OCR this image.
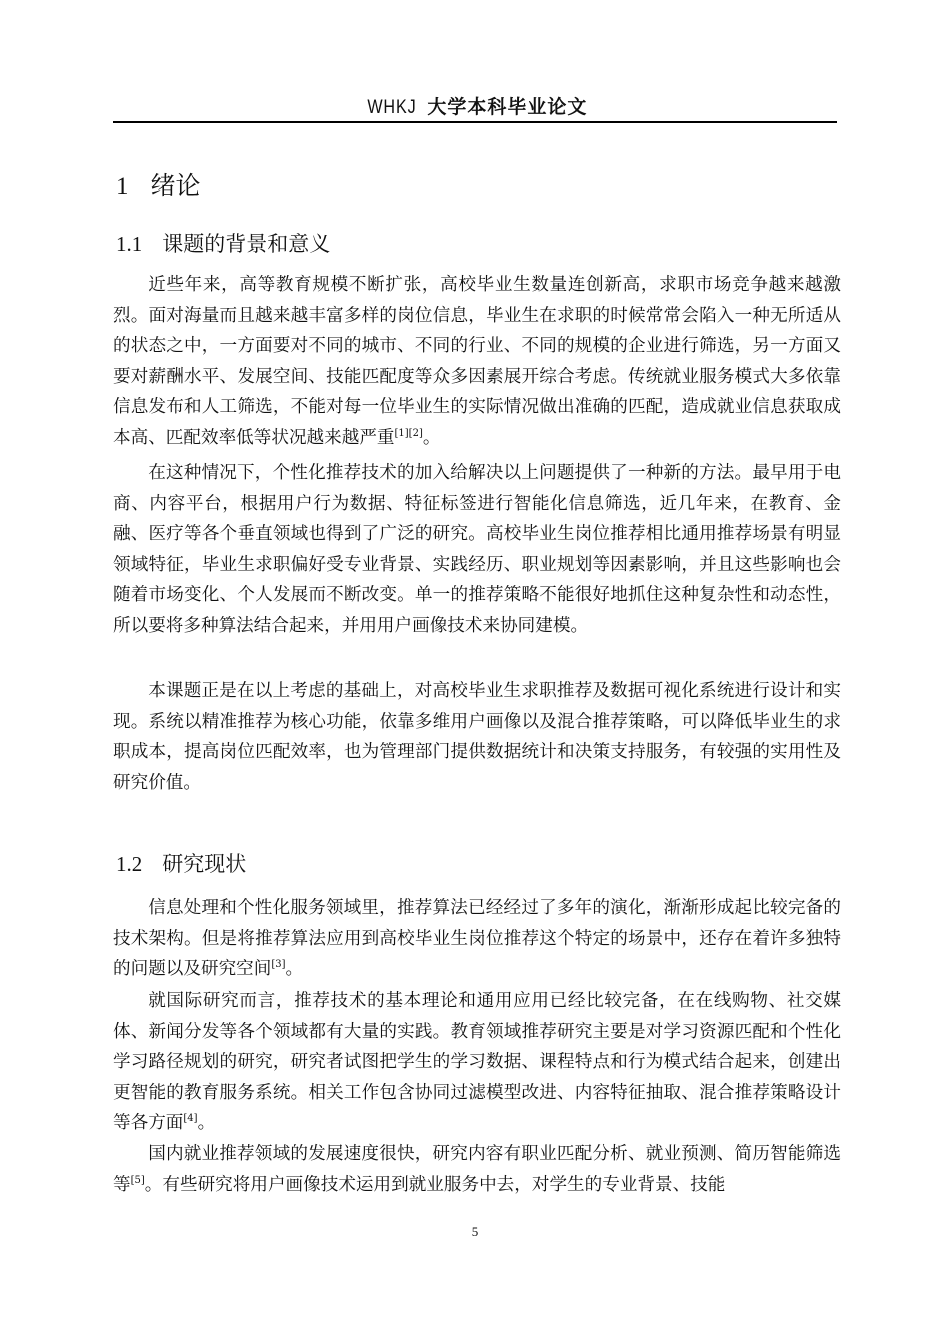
WHKJ 大学本科毕业论文
1 绪论
1.1 课题的背景和意义

近些年来，高等教育规模不断扩张，高校毕业生数量连创新高，求职市场竞争越来越激烈。面对海量而且越来越丰富多样的岗位信息，毕业生在求职的时候常常会陷入一种无所适从的状态之中，一方面要对不同的城市、不同的行业、不同的规模的企业进行筛选，另一方面又要对薪酬水平、发展空间、技能匹配度等众多因素展开综合考虑。传统就业服务模式大多依靠信息发布和人工筛选，不能对每一位毕业生的实际情况做出准确的匹配，造成就业信息获取成本高、匹配效率低等状况越来越严重[1][2]。

在这种情况下，个性化推荐技术的加入给解决以上问题提供了一种新的方法。最早用于电商、内容平台，根据用户行为数据、特征标签进行智能化信息筛选，近几年来，在教育、金融、医疗等各个垂直领域也得到了广泛的研究。高校毕业生岗位推荐相比通用推荐场景有明显领域特征，毕业生求职偏好受专业背景、实践经历、职业规划等因素影响，并且这些影响也会随着市场变化、个人发展而不断改变。单一的推荐策略不能很好地抓住这种复杂性和动态性，所以要将多种算法结合起来，并用用户画像技术来协同建模。

本课题正是在以上考虑的基础上，对高校毕业生求职推荐及数据可视化系统进行设计和实现。系统以精准推荐为核心功能，依靠多维用户画像以及混合推荐策略，可以降低毕业生的求职成本，提高岗位匹配效率，也为管理部门提供数据统计和决策支持服务，有较强的实用性及研究价值。

1.2 研究现状

信息处理和个性化服务领域里，推荐算法已经经过了多年的演化，渐渐形成起比较完备的技术架构。但是将推荐算法应用到高校毕业生岗位推荐这个特定的场景中，还存在着许多独特的问题以及研究空间[3]。

就国际研究而言，推荐技术的基本理论和通用应用已经比较完备，在在线购物、社交媒体、新闻分发等各个领域都有大量的实践。教育领域推荐研究主要是对学习资源匹配和个性化学习路径规划的研究，研究者试图把学生的学习数据、课程特点和行为模式结合起来，创建出更智能的教育服务系统。相关工作包含协同过滤模型改进、内容特征抽取、混合推荐策略设计等各方面[4]。

国内就业推荐领域的发展速度很快，研究内容有职业匹配分析、就业预测、简历智能筛选等[5]。有些研究将用户画像技术运用到就业服务中去，对学生的专业背景、技能

5
